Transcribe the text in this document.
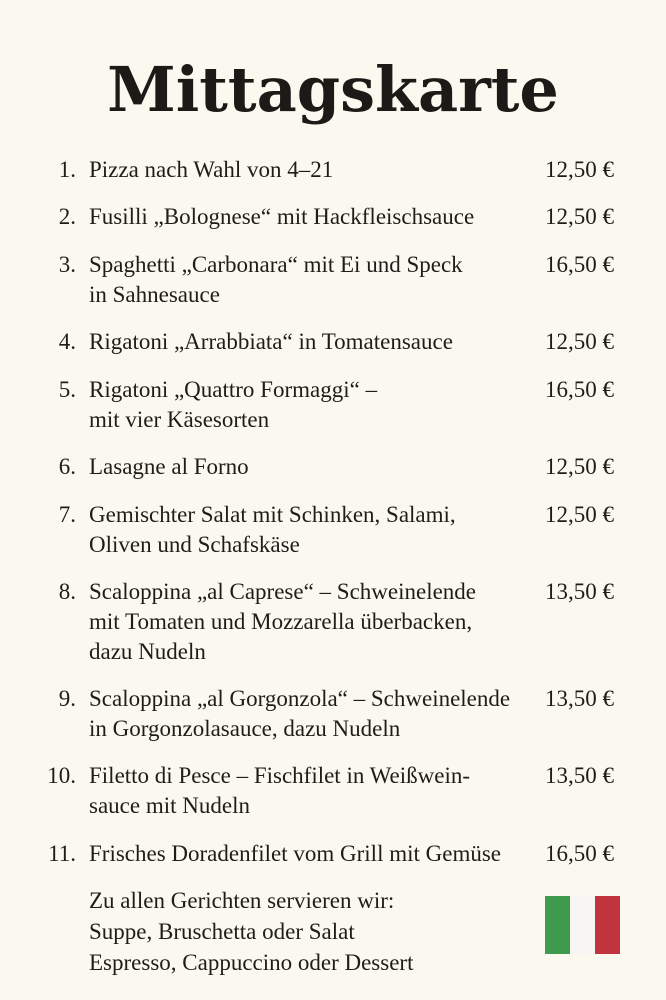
Mittagskarte
1. Pizza nach Wahl von 4–21	12,50 €
2. Fusilli „Bolognese“ mit Hackfleischsauce	12,50 €
3. Spaghetti „Carbonara“ mit Ei und Speck
in Sahnesauce
16,50 €
4. Rigatoni „Arrabbiata“ in Tomatensauce	12,50 €
5. Rigatoni „Quattro Formaggi“ –
mit vier Käsesorten
16,50 €
6. Lasagne al Forno	12,50 €
7. Gemischter Salat mit Schinken, Salami,
Oliven und Schafskäse
12,50 €
8. Scaloppina „al Caprese“ – Schweinelende
mit Tomaten und Mozzarella überbacken,
dazu Nudeln
13,50 €
9. Scaloppina „al Gorgonzola“ – Schweinelende
in Gorgonzolasauce, dazu Nudeln
13,50 €
10. Filetto di Pesce – Fischfilet in Weißwein-
sauce mit Nudeln
13,50 €
11. Frisches Doradenfilet vom Grill mit Gemüse	16,50 €
Zu allen Gerichten servieren wir:
Suppe, Bruschetta oder Salat
Espresso, Cappuccino oder Dessert
